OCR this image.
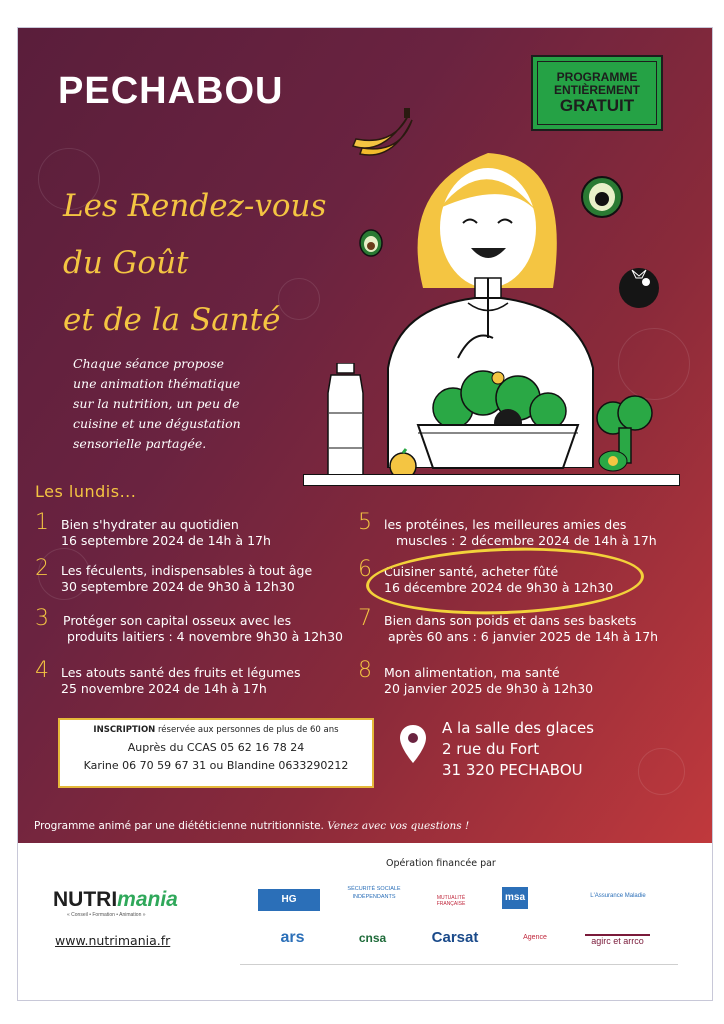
PECHABOU	PROGRAMME
ENTIÈREMENT
GRATUIT
Les Rendez-vous
du Goût
et de la Santé
Chaque séance propose
une animation thématique
sur la nutrition, un peu de
cuisine et une dégustation
sensorielle partagée.
Les lundis...
1 Bien s'hydrater au quotidien
16 septembre 2024 de 14h à 17h
2 Les féculents, indispensables à tout âge
30 septembre 2024 de 9h30 à 12h30
3 Protéger son capital osseux avec les
produits laitiers : 4 novembre 9h30 à 12h30
4 Les atouts santé des fruits et légumes
25 novembre 2024 de 14h à 17h
5 les protéines, les meilleures amies des
muscles : 2 décembre 2024 de 14h à 17h
6 Cuisiner santé, acheter fûté
16 décembre 2024 de 9h30 à 12h30
7 Bien dans son poids et dans ses baskets
après 60 ans : 6 janvier 2025 de 14h à 17h
8 Mon alimentation, ma santé
20 janvier 2025 de 9h30 à 12h30
INSCRIPTION réservée aux personnes de plus de 60 ans
Auprès du CCAS 05 62 16 78 24
Karine 06 70 59 67 31 ou Blandine 0633290212
A la salle des glaces
2 rue du Fort
31 320 PECHABOU
Programme animé par une diététicienne nutritionniste. Venez avec vos questions !
NUTRImania
« Conseil • Formation • Animation »
www.nutrimania.fr
Opération financée par
HG
SÉCURITÉ SOCIALE INDÉPENDANTS	MUTUALITÉ FRANÇAISE
msa	L'Assurance Maladie
ars	cnsa	Carsat	Agence	agirc et arrco
